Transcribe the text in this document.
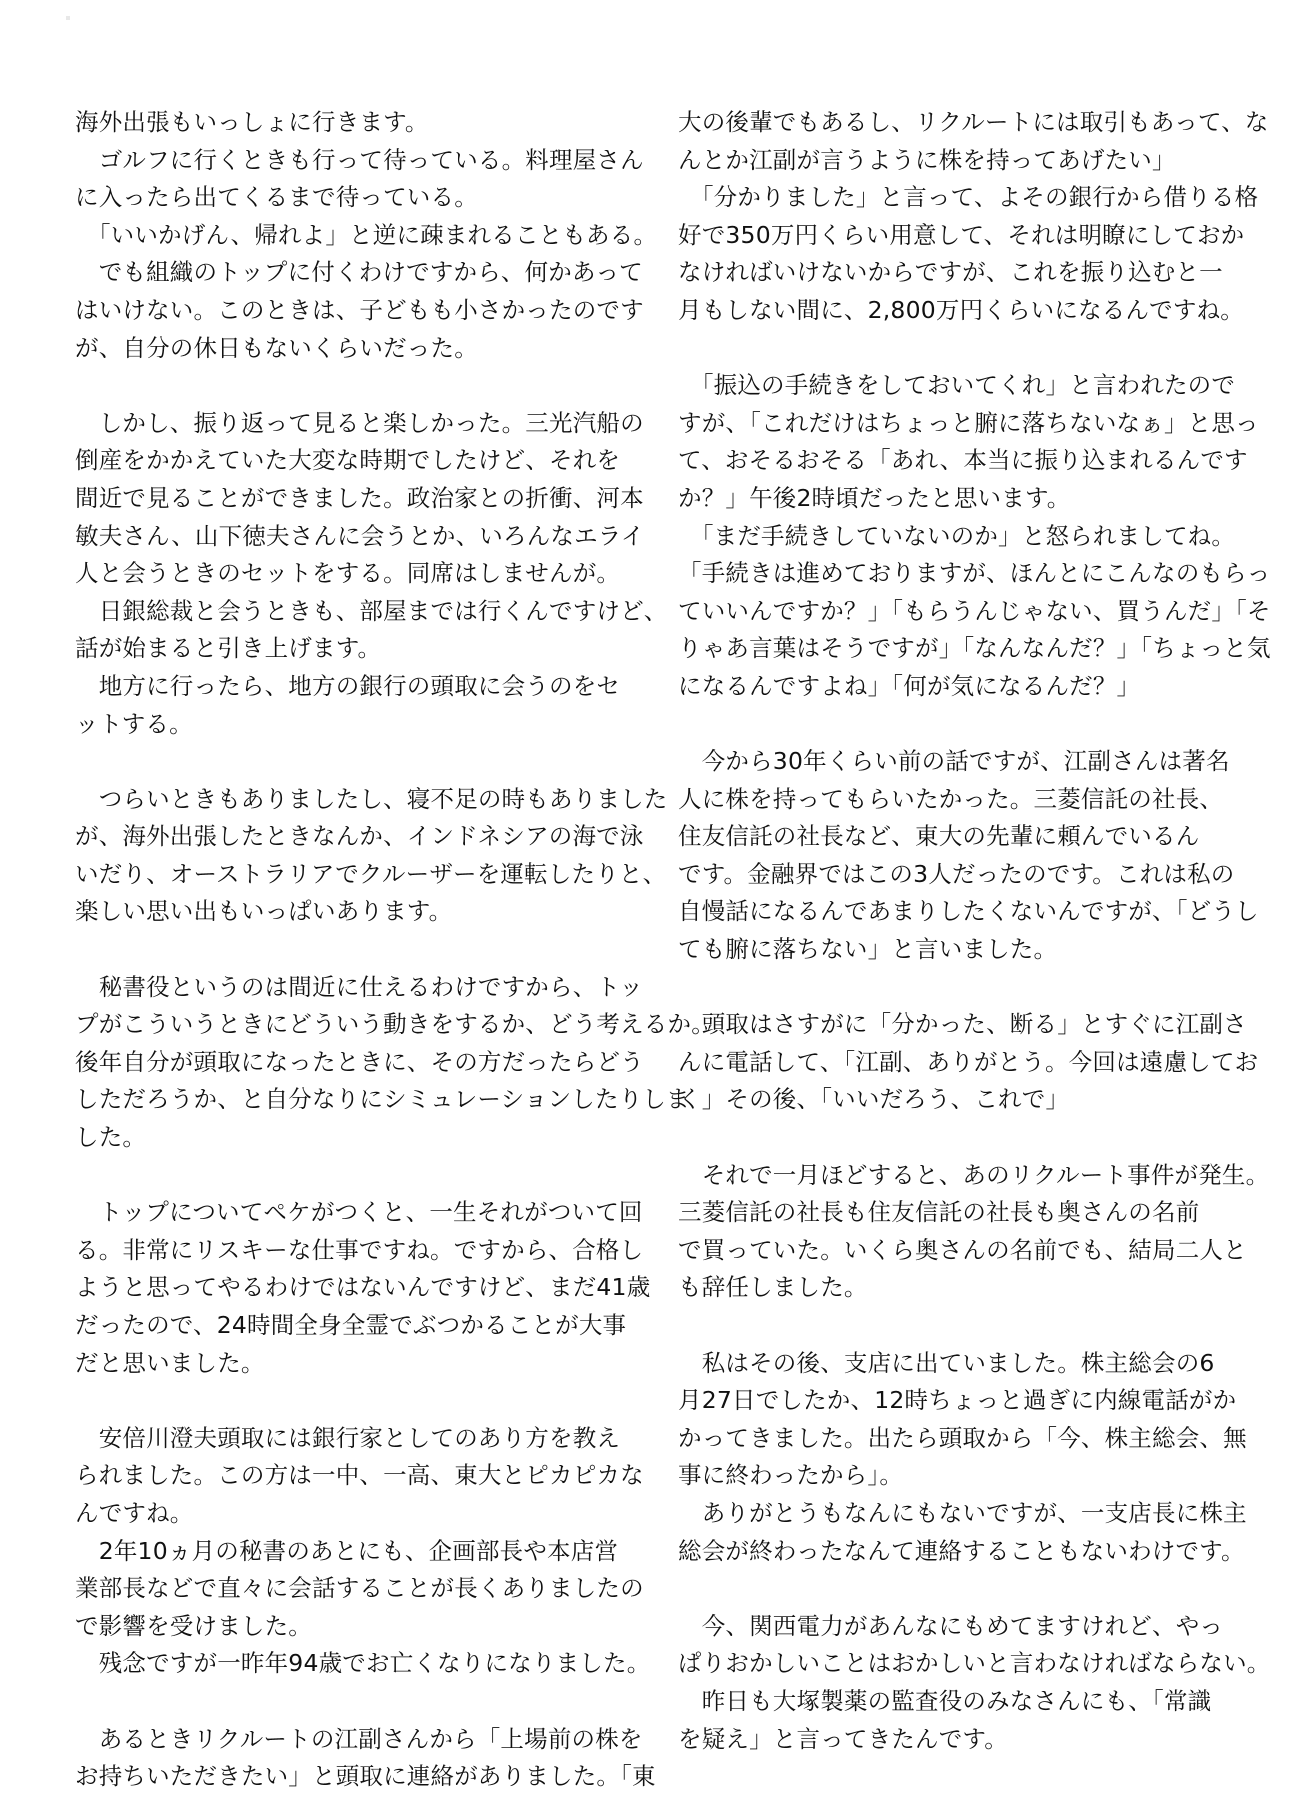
海外出張もいっしょに行きます。
　ゴルフに行くときも行って待っている。料理屋さん
に入ったら出てくるまで待っている。
　「いいかげん、帰れよ」と逆に疎まれることもある。
　でも組織のトップに付くわけですから、何かあって
はいけない。このときは、子どもも小さかったのです
が、自分の休日もないくらいだった。
　しかし、振り返って見ると楽しかった。三光汽船の
倒産をかかえていた大変な時期でしたけど、それを
間近で見ることができました。政治家との折衝、河本
敏夫さん、山下徳夫さんに会うとか、いろんなエライ
人と会うときのセットをする。同席はしませんが。
　日銀総裁と会うときも、部屋までは行くんですけど、
話が始まると引き上げます。
　地方に行ったら、地方の銀行の頭取に会うのをセ
ットする。
　つらいときもありましたし、寝不足の時もありました
が、海外出張したときなんか、インドネシアの海で泳
いだり、オーストラリアでクルーザーを運転したりと、
楽しい思い出もいっぱいあります。
　秘書役というのは間近に仕えるわけですから、トッ
プがこういうときにどういう動きをするか、どう考えるか。
後年自分が頭取になったときに、その方だったらどう
しただろうか、と自分なりにシミュレーションしたりしま
した。
　トップについてペケがつくと、一生それがついて回
る。非常にリスキーな仕事ですね。ですから、合格し
ようと思ってやるわけではないんですけど、まだ41歳
だったので、24時間全身全霊でぶつかることが大事
だと思いました。
　安倍川澄夫頭取には銀行家としてのあり方を教え
られました。この方は一中、一高、東大とピカピカな
んですね。
　2年10ヵ月の秘書のあとにも、企画部長や本店営
業部長などで直々に会話することが長くありましたの
で影響を受けました。
　残念ですが一昨年94歳でお亡くなりになりました。
　あるときリクルートの江副さんから「上場前の株を
お持ちいただきたい」と頭取に連絡がありました。「東
大の後輩でもあるし、リクルートには取引もあって、な
んとか江副が言うように株を持ってあげたい」
　「分かりました」と言って、よその銀行から借りる格
好で350万円くらい用意して、それは明瞭にしておか
なければいけないからですが、これを振り込むと一
月もしない間に、2,800万円くらいになるんですね。
　「振込の手続きをしておいてくれ」と言われたので
すが、「これだけはちょっと腑に落ちないなぁ」と思っ
て、おそるおそる「あれ、本当に振り込まれるんです
か？」午後2時頃だったと思います。
　「まだ手続きしていないのか」と怒られましてね。
「手続きは進めておりますが、ほんとにこんなのもらっ
ていいんですか？」「もらうんじゃない、買うんだ」「そ
りゃあ言葉はそうですが」「なんなんだ？」「ちょっと気
になるんですよね」「何が気になるんだ？」
　今から30年くらい前の話ですが、江副さんは著名
人に株を持ってもらいたかった。三菱信託の社長、
住友信託の社長など、東大の先輩に頼んでいるん
です。金融界ではこの3人だったのです。これは私の
自慢話になるんであまりしたくないんですが、「どうし
ても腑に落ちない」と言いました。
　頭取はさすがに「分かった、断る」とすぐに江副さ
んに電話して、「江副、ありがとう。今回は遠慮してお
く」その後、「いいだろう、これで」
　それで一月ほどすると、あのリクルート事件が発生。
三菱信託の社長も住友信託の社長も奥さんの名前
で買っていた。いくら奥さんの名前でも、結局二人と
も辞任しました。
　私はその後、支店に出ていました。株主総会の6
月27日でしたか、12時ちょっと過ぎに内線電話がか
かってきました。出たら頭取から「今、株主総会、無
事に終わったから」。
　ありがとうもなんにもないですが、一支店長に株主
総会が終わったなんて連絡することもないわけです。
　今、関西電力があんなにもめてますけれど、やっ
ぱりおかしいことはおかしいと言わなければならない。
　昨日も大塚製薬の監査役のみなさんにも、「常識
を疑え」と言ってきたんです。
